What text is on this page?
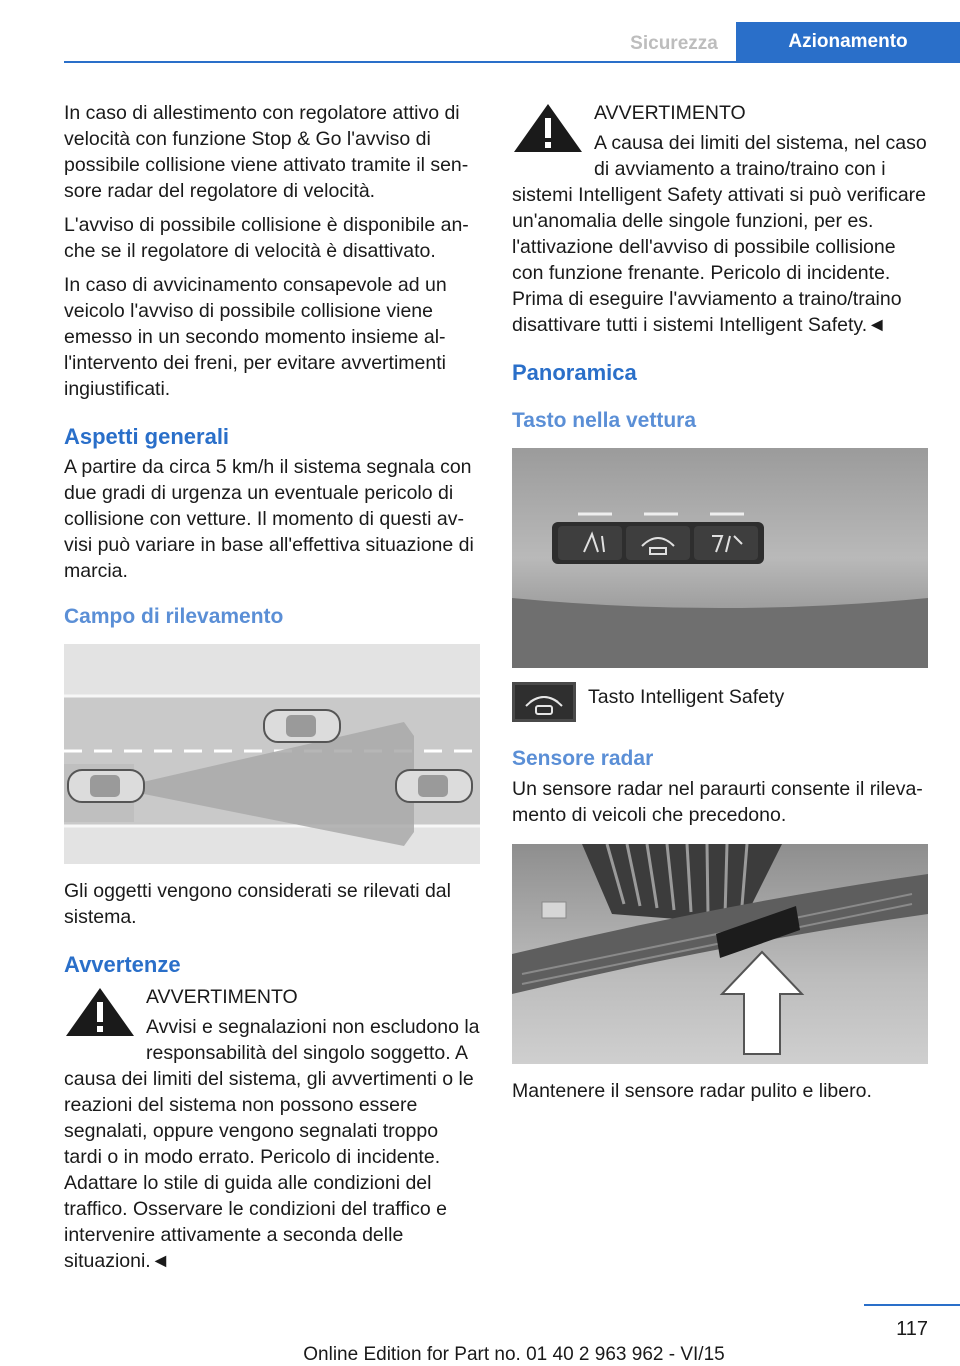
Sicurezza	Azionamento

In caso di allestimento con regolatore attivo di velocità con funzione Stop & Go l'avviso di possibile collisione viene attivato tramite il sensore radar del regolatore di velocità.

L'avviso di possibile collisione è disponibile anche se il regolatore di velocità è disattivato.

In caso di avvicinamento consapevole ad un veicolo l'avviso di possibile collisione viene emesso in un secondo momento insieme all'intervento dei freni, per evitare avvertimenti ingiustificati.

Aspetti generali

A partire da circa 5 km/h il sistema segnala con due gradi di urgenza un eventuale pericolo di collisione con vetture. Il momento di questi avvisi può variare in base all'effettiva situazione di marcia.

Campo di rilevamento

Gli oggetti vengono considerati se rilevati dal sistema.

Avvertenze
AVVERTIMENTO

Avvisi e segnalazioni non escludono la responsabilità del singolo soggetto. A causa dei limiti del sistema, gli avvertimenti o le reazioni del sistema non possono essere segnalati, oppure vengono segnalati troppo tardi o in modo errato. Pericolo di incidente. Adattare lo stile di guida alle condizioni del traffico. Osservare le condizioni del traffico e intervenire attivamente a seconda delle situazioni.◄

AVVERTIMENTO

A causa dei limiti del sistema, nel caso di avviamento a traino/traino con i sistemi Intelligent Safety attivati si può verificare un'anomalia delle singole funzioni, per es. l'attivazione dell'avviso di possibile collisione con funzione frenante. Pericolo di incidente. Prima di eseguire l'avviamento a traino/traino disattivare tutti i sistemi Intelligent Safety.◄

Panoramica
Tasto nella vettura

Tasto Intelligent Safety

Sensore radar

Un sensore radar nel paraurti consente il rilevamento di veicoli che precedono.

Mantenere il sensore radar pulito e libero.

117
Online Edition for Part no. 01 40 2 963 962 - VI/15
